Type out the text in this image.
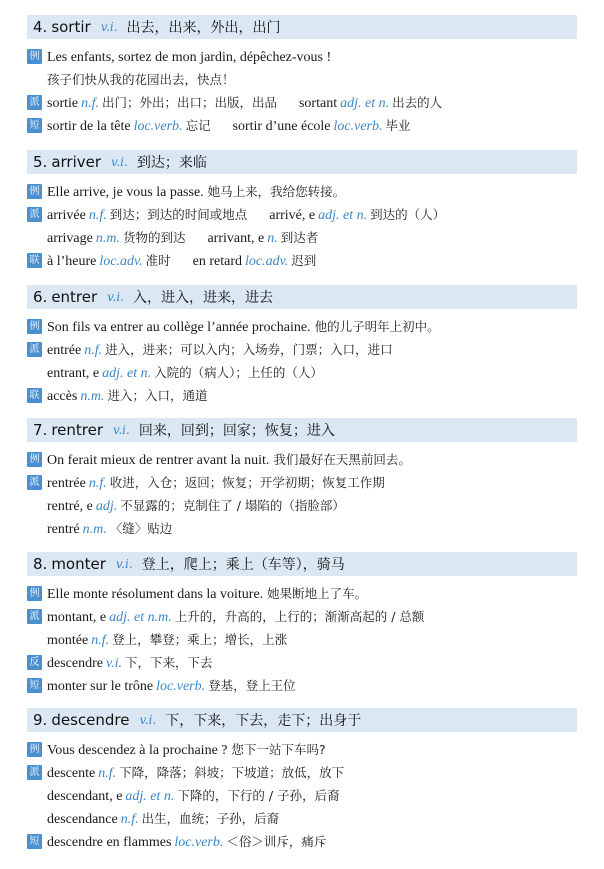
4. sortir v.i. 出去，出来，外出，出门
例 Les enfants, sortez de mon jardin, dépêchez-vous !
孩子们快从我的花园出去，快点！
派 sortie n.f. 出门；外出；出口；出版，出品 sortant adj. et n. 出去的人
短 sortir de la tête loc.verb. 忘记 sortir d’une école loc.verb. 毕业
5. arriver v.i. 到达；来临
例 Elle arrive, je vous la passe. 她马上来，我给您转接。
派 arrivée n.f. 到达；到达的时间或地点 arrivé, e adj. et n. 到达的（人）
arrivage n.m. 货物的到达 arrivant, e n. 到达者
联 à l’heure loc.adv. 准时 en retard loc.adv. 迟到
6. entrer v.i. 入，进入，进来，进去
例 Son fils va entrer au collège l’année prochaine. 他的儿子明年上初中。
派 entrée n.f. 进入，进来；可以入内；入场券，门票；入口，进口
entrant, e adj. et n. 入院的（病人）；上任的（人）
联 accès n.m. 进入；入口，通道
7. rentrer v.i. 回来，回到；回家；恢复；进入
例 On ferait mieux de rentrer avant la nuit. 我们最好在天黑前回去。
派 rentrée n.f. 收进，入仓；返回；恢复；开学初期；恢复工作期
rentré, e adj. 不显露的；克制住了 / 塌陷的（指脸部）
rentré n.m. 〈缝〉贴边
8. monter v.i. 登上，爬上；乘上（车等），骑马
例 Elle monte résolument dans la voiture. 她果断地上了车。
派 montant, e adj. et n.m. 上升的，升高的，上行的；渐渐高起的 / 总额
montée n.f. 登上，攀登；乘上；增长，上涨
反 descendre v.i. 下，下来，下去
短 monter sur le trône loc.verb. 登基，登上王位
9. descendre v.i. 下，下来，下去，走下；出身于
例 Vous descendez à la prochaine ? 您下一站下车吗?
派 descente n.f. 下降，降落；斜坡；下坡道；放低，放下
descendant, e adj. et n. 下降的，下行的 / 子孙，后裔
descendance n.f. 出生，血统；子孙，后裔
短 descendre en flammes loc.verb. ＜俗＞训斥，痛斥
